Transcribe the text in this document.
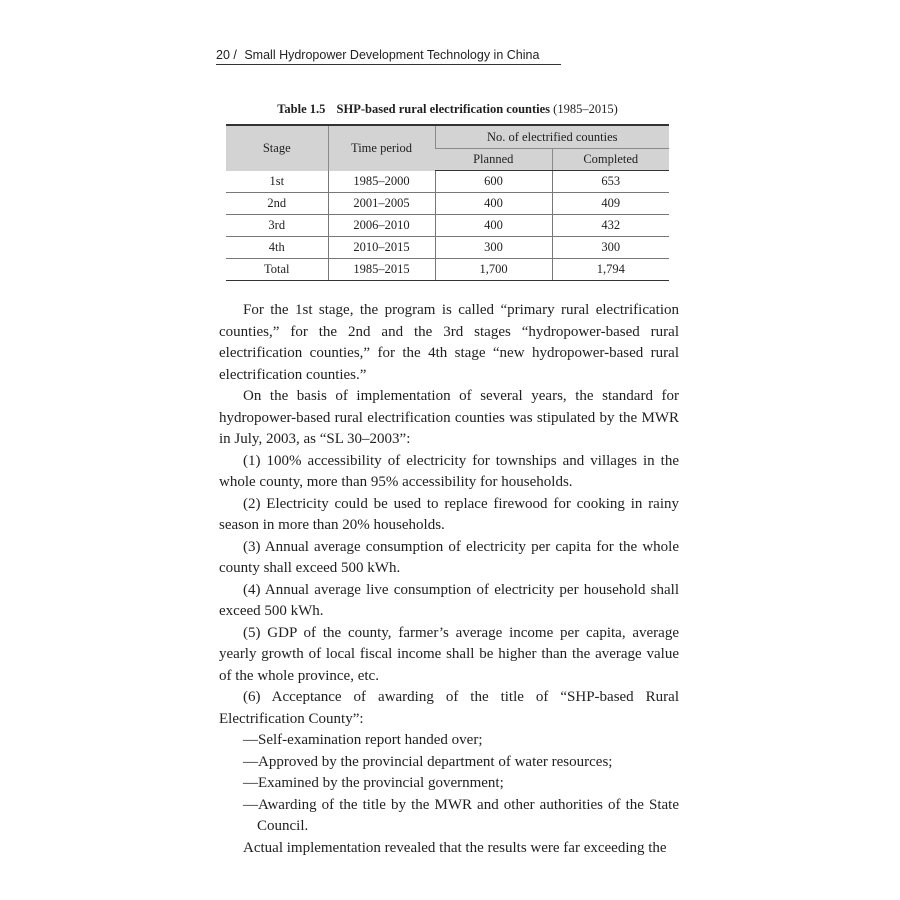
20 / Small Hydropower Development Technology in China
Table 1.5 SHP-based rural electrification counties (1985–2015)
Stage	Time period	No. of electrified counties	
		Planned	Completed
1st	1985–2000	600	653
2nd	2001–2005	400	409
3rd	2006–2010	400	432
4th	2010–2015	300	300
Total	1985–2015	1,700	1,794

For the 1st stage, the program is called “primary rural electrification counties,” for the 2nd and the 3rd stages “hydropower-based rural electrification counties,” for the 4th stage “new hydropower-based rural electrification counties.”

On the basis of implementation of several years, the standard for hydropower-based rural electrification counties was stipulated by the MWR in July, 2003, as “SL 30–2003”:

(1) 100% accessibility of electricity for townships and villages in the whole county, more than 95% accessibility for households.

(2) Electricity could be used to replace firewood for cooking in rainy season in more than 20% households.

(3) Annual average consumption of electricity per capita for the whole county shall exceed 500 kWh.

(4) Annual average live consumption of electricity per household shall exceed 500 kWh.

(5) GDP of the county, farmer’s average income per capita, average yearly growth of local fiscal income shall be higher than the average value of the whole province, etc.

(6) Acceptance of awarding of the title of “SHP-based Rural Electrification County”:

—Self-examination report handed over;

—Approved by the provincial department of water resources;

—Examined by the provincial government;

—Awarding of the title by the MWR and other authorities of the State Council.

Actual implementation revealed that the results were far exceeding the
